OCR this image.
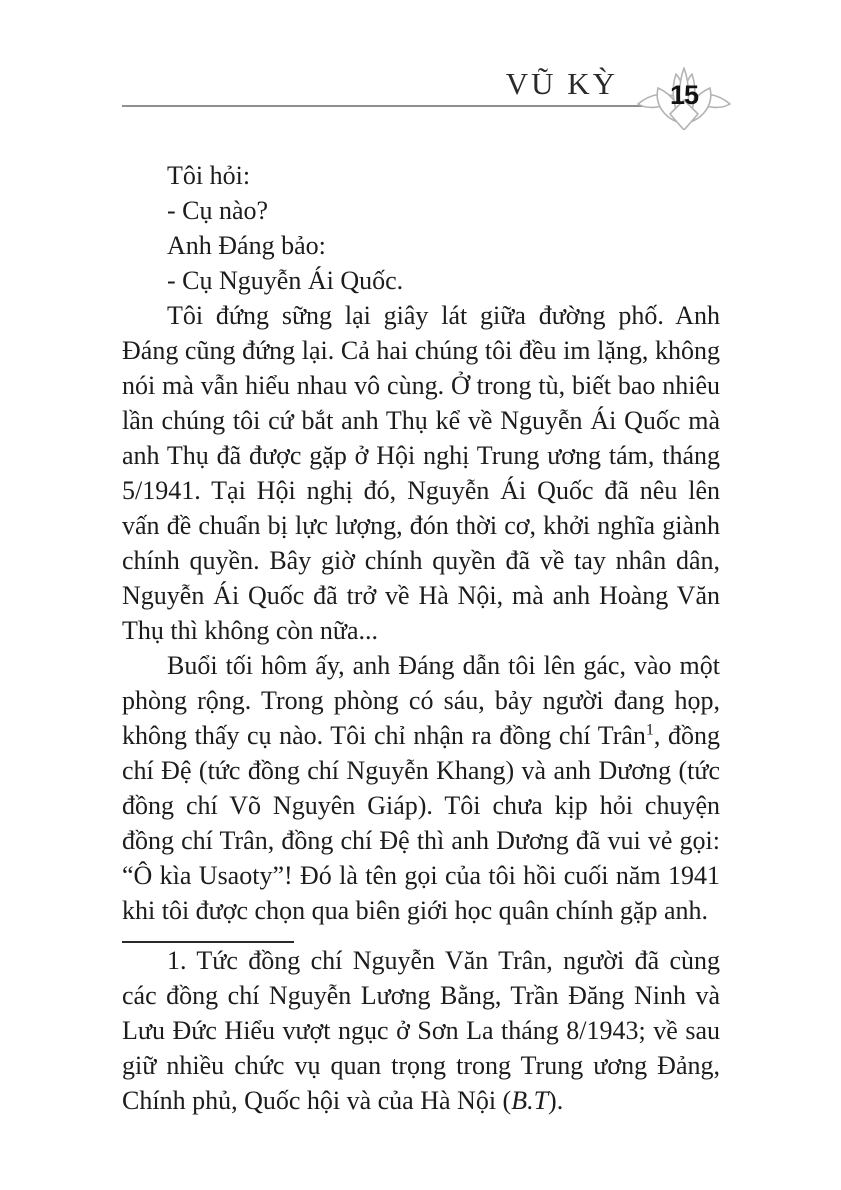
VŨ KỲ	15

Tôi hỏi:

- Cụ nào?

Anh Đáng bảo:

- Cụ Nguyễn Ái Quốc.

Tôi đứng sững lại giây lát giữa đường phố. Anh Đáng cũng đứng lại. Cả hai chúng tôi đều im lặng, không nói mà vẫn hiểu nhau vô cùng. Ở trong tù, biết bao nhiêu lần chúng tôi cứ bắt anh Thụ kể về Nguyễn Ái Quốc mà anh Thụ đã được gặp ở Hội nghị Trung ương tám, tháng 5/1941. Tại Hội nghị đó, Nguyễn Ái Quốc đã nêu lên vấn đề chuẩn bị lực lượng, đón thời cơ, khởi nghĩa giành chính quyền. Bây giờ chính quyền đã về tay nhân dân, Nguyễn Ái Quốc đã trở về Hà Nội, mà anh Hoàng Văn Thụ thì không còn nữa...

Buổi tối hôm ấy, anh Đáng dẫn tôi lên gác, vào một phòng rộng. Trong phòng có sáu, bảy người đang họp, không thấy cụ nào. Tôi chỉ nhận ra đồng chí Trân$^1$, đồng chí Đệ (tức đồng chí Nguyễn Khang) và anh Dương (tức đồng chí Võ Nguyên Giáp). Tôi chưa kịp hỏi chuyện đồng chí Trân, đồng chí Đệ thì anh Dương đã vui vẻ gọi: “Ô kìa Usaoty”! Đó là tên gọi của tôi hồi cuối năm 1941 khi tôi được chọn qua biên giới học quân chính gặp anh.

1. Tức đồng chí Nguyễn Văn Trân, người đã cùng các đồng chí Nguyễn Lương Bằng, Trần Đăng Ninh và Lưu Đức Hiểu vượt ngục ở Sơn La tháng 8/1943; về sau giữ nhiều chức vụ quan trọng trong Trung ương Đảng, Chính phủ, Quốc hội và của Hà Nội (B.T).
